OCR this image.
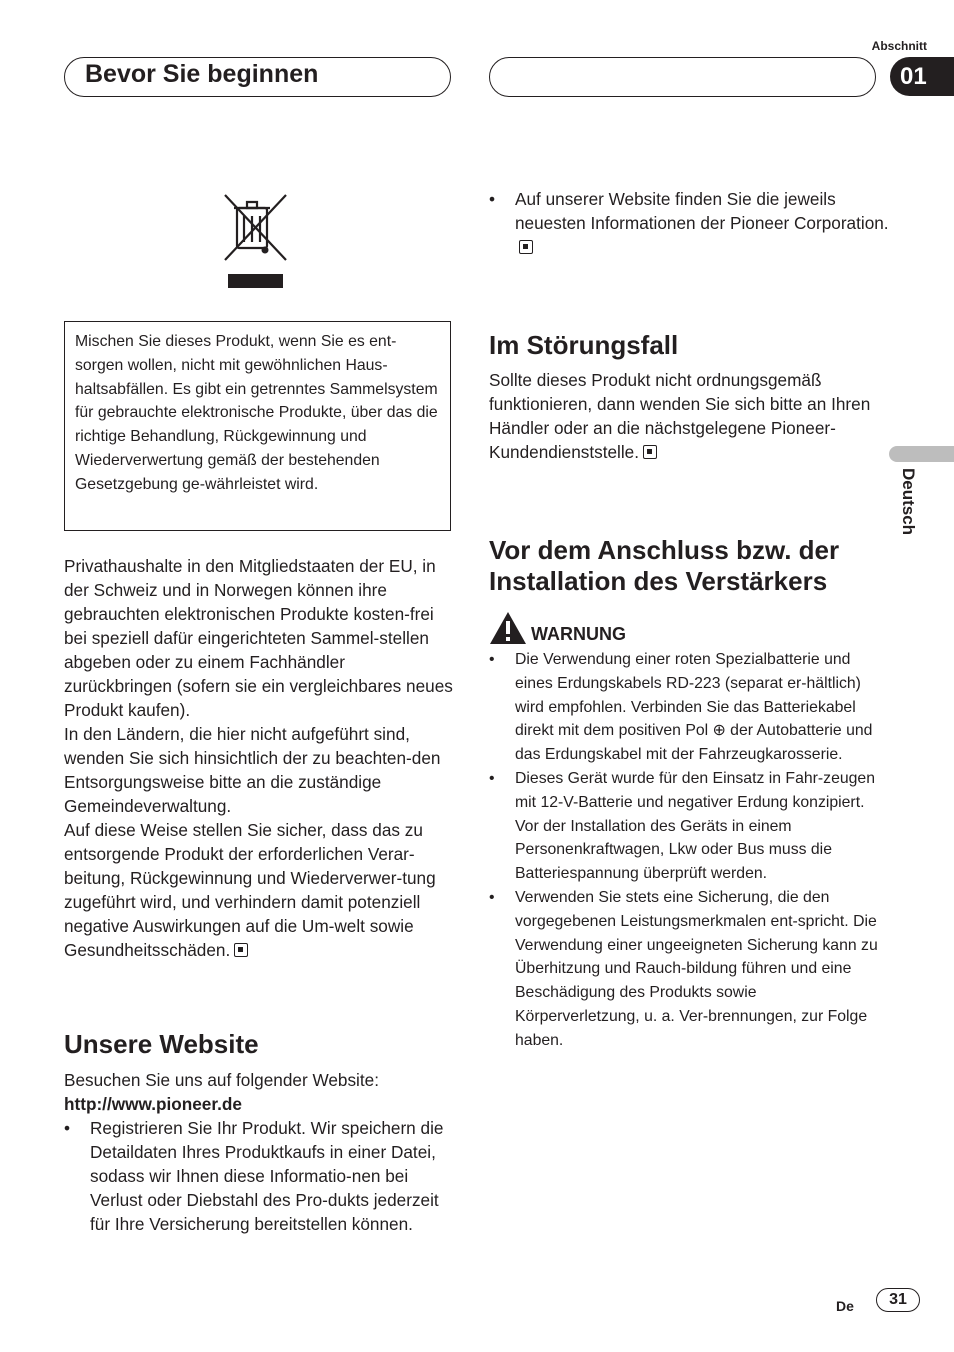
Bevor Sie beginnen
Abschnitt
01
Deutsch
Mischen Sie dieses Produkt, wenn Sie es ent-sorgen wollen, nicht mit gewöhnlichen Haus-haltsabfällen. Es gibt ein getrenntes Sammelsystem für gebrauchte elektronische Produkte, über das die richtige Behandlung, Rückgewinnung und Wiederverwertung gemäß der bestehenden Gesetzgebung ge-währleistet wird.
Privathaushalte in den Mitgliedstaaten der EU, in der Schweiz und in Norwegen können ihre gebrauchten elektronischen Produkte kosten-frei bei speziell dafür eingerichteten Sammel-stellen abgeben oder zu einem Fachhändler zurückbringen (sofern sie ein vergleichbares neues Produkt kaufen).
In den Ländern, die hier nicht aufgeführt sind, wenden Sie sich hinsichtlich der zu beachten-den Entsorgungsweise bitte an die zuständige Gemeindeverwaltung.
Auf diese Weise stellen Sie sicher, dass das zu entsorgende Produkt der erforderlichen Verar-beitung, Rückgewinnung und Wiederverwer-tung zugeführt wird, und verhindern damit potenziell negative Auswirkungen auf die Um-welt sowie Gesundheitsschäden.
Unsere Website
Besuchen Sie uns auf folgender Website:
http://www.pioneer.de
• Registrieren Sie Ihr Produkt. Wir speichern die Detaildaten Ihres Produktkaufs in einer Datei, sodass wir Ihnen diese Informatio-nen bei Verlust oder Diebstahl des Pro-dukts jederzeit für Ihre Versicherung bereitstellen können.
• Auf unserer Website finden Sie die jeweils neuesten Informationen der Pioneer Corporation.
Im Störungsfall
Sollte dieses Produkt nicht ordnungsgemäß funktionieren, dann wenden Sie sich bitte an Ihren Händler oder an die nächstgelegene Pioneer-Kundendienststelle.
Vor dem Anschluss bzw. der
Installation des Verstärkers
WARNUNG
• Die Verwendung einer roten Spezialbatterie und eines Erdungskabels RD-223 (separat er-hältlich) wird empfohlen. Verbinden Sie das Batteriekabel direkt mit dem positiven Pol ⊕ der Autobatterie und das Erdungskabel mit der Fahrzeugkarosserie.
• Dieses Gerät wurde für den Einsatz in Fahr-zeugen mit 12-V-Batterie und negativer Erdung konzipiert. Vor der Installation des Geräts in einem Personenkraftwagen, Lkw oder Bus muss die Batteriespannung überprüft werden.
• Verwenden Sie stets eine Sicherung, die den vorgegebenen Leistungsmerkmalen ent-spricht. Die Verwendung einer ungeeigneten Sicherung kann zu Überhitzung und Rauch-bildung führen und eine Beschädigung des Produkts sowie Körperverletzung, u. a. Ver-brennungen, zur Folge haben.
De	31
